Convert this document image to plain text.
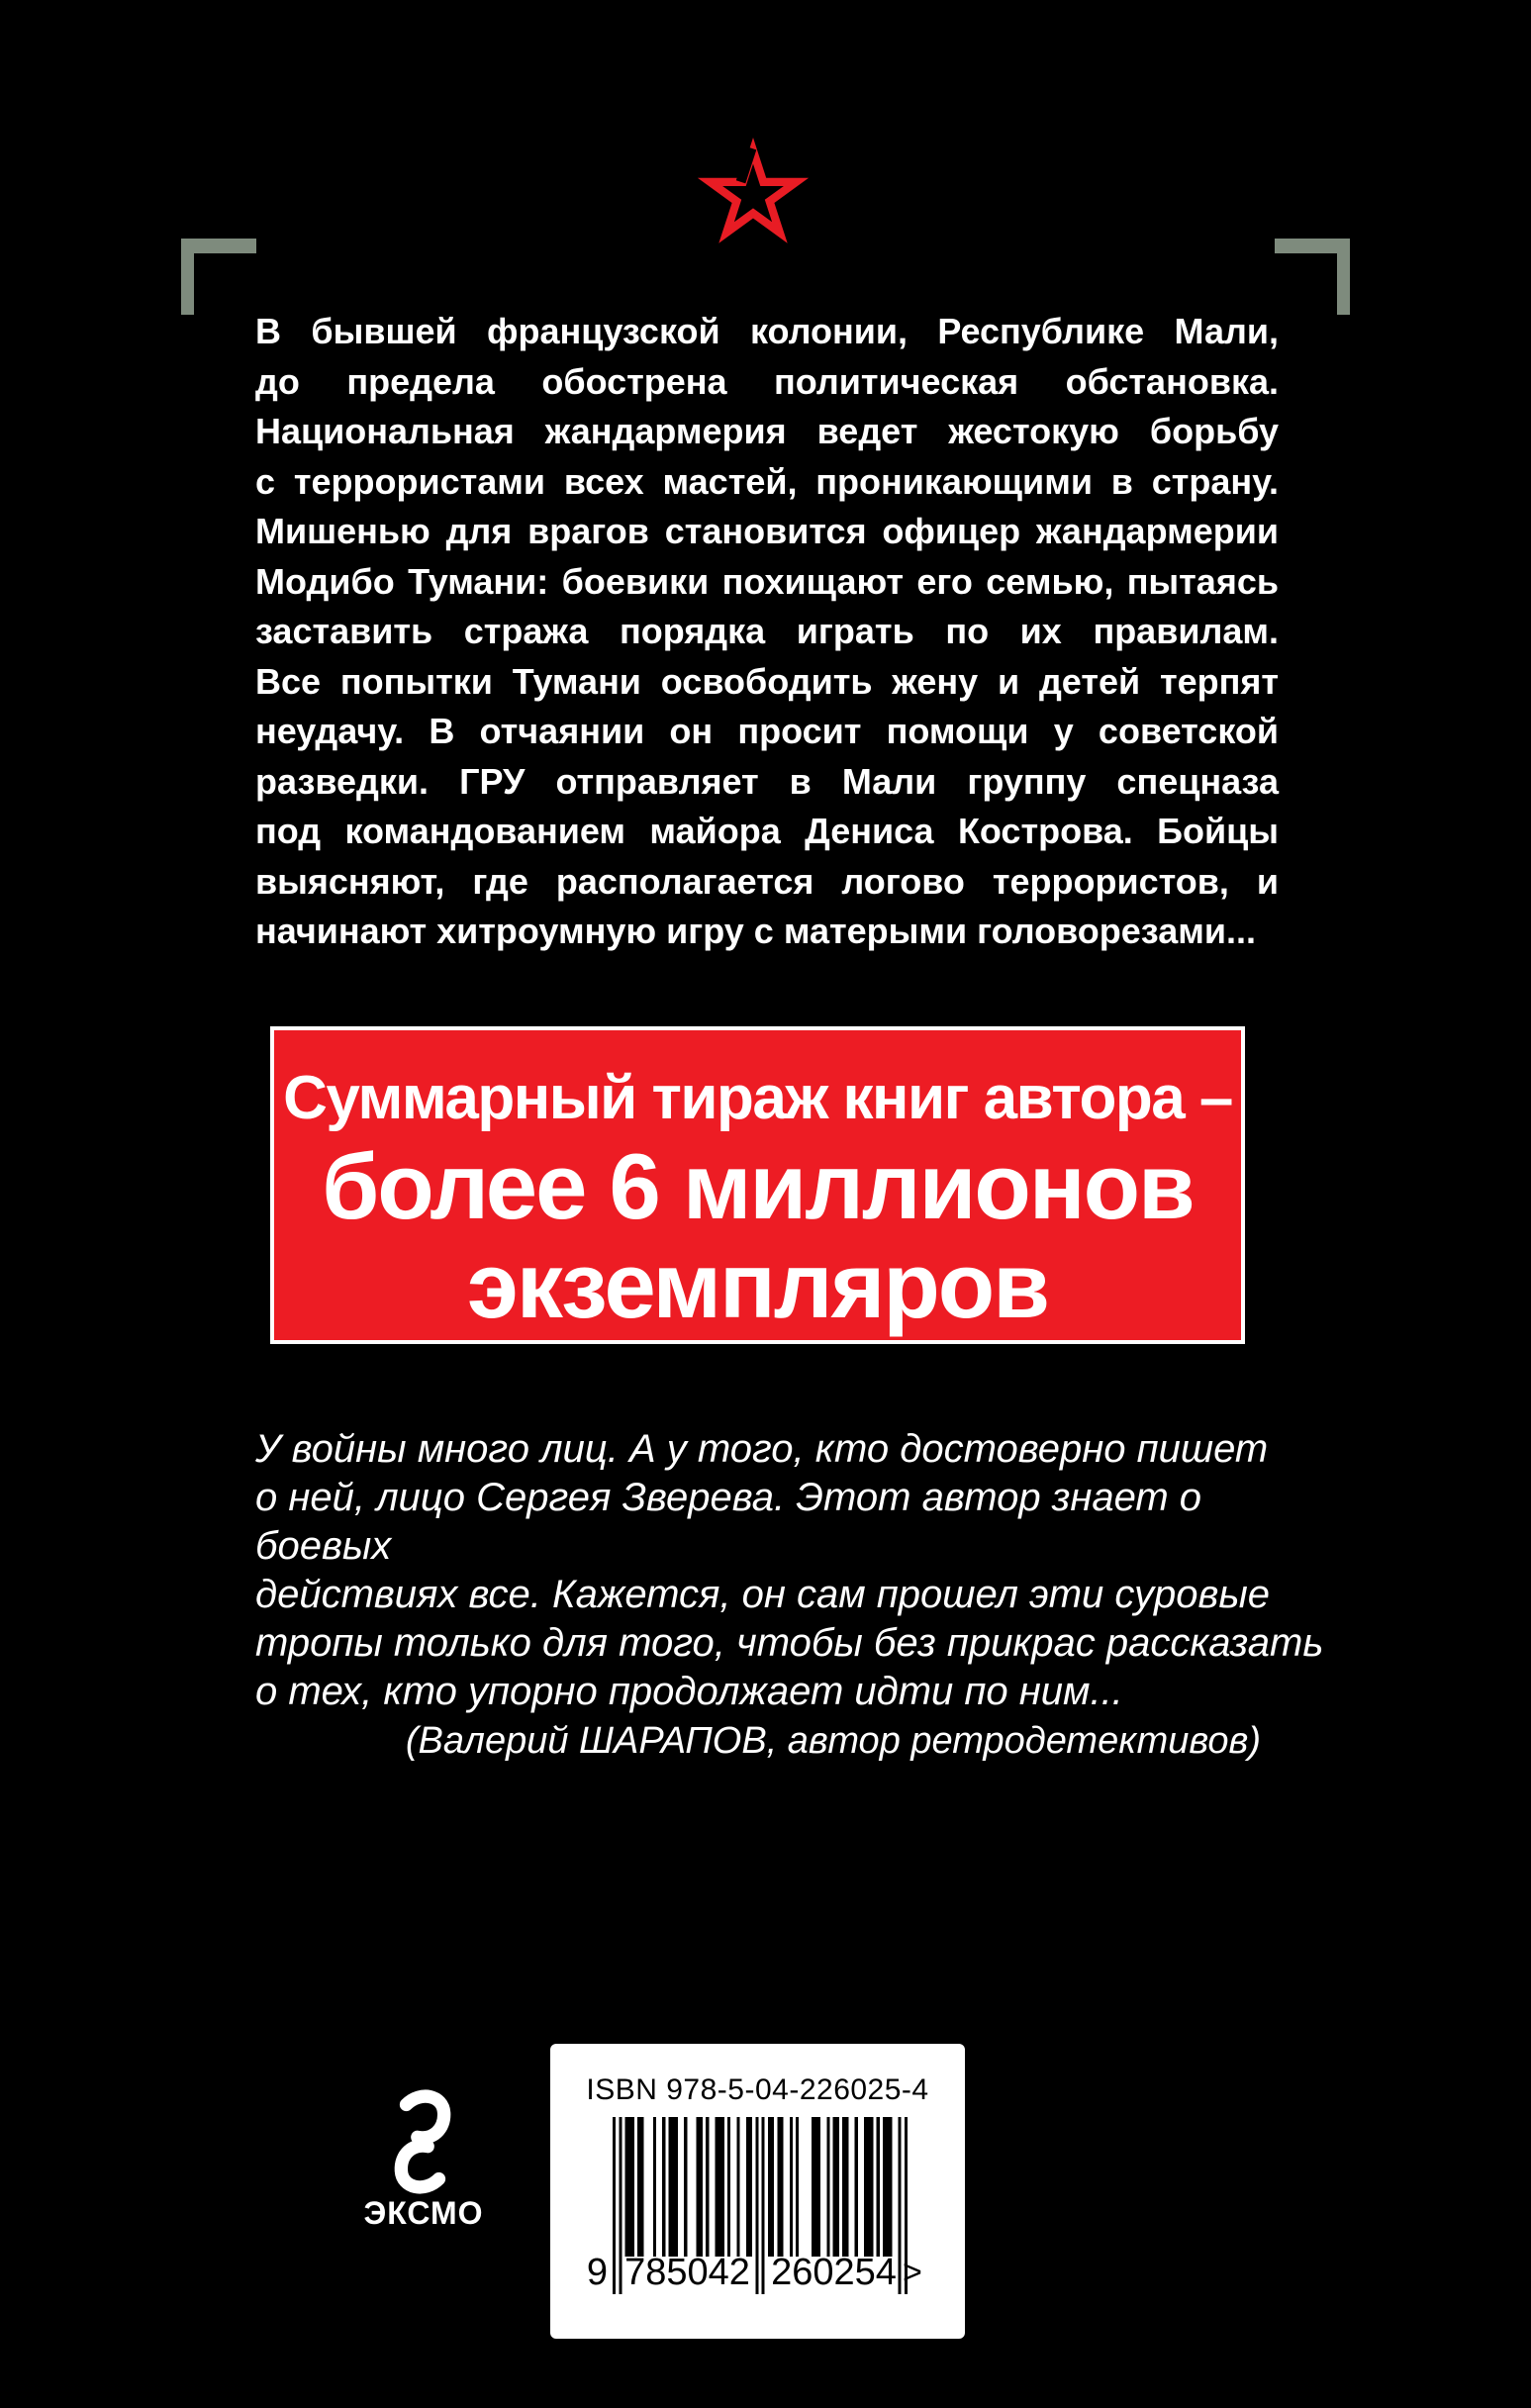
В бывшей французской колонии, Республике Мали,
до предела обострена политическая обстановка.
Национальная жандармерия ведет жестокую борьбу
с террористами всех мастей, проникающими в страну.
Мишенью для врагов становится офицер жандармерии
Модибо Тумани: боевики похищают его семью, пытаясь
заставить стража порядка играть по их правилам.
Все попытки Тумани освободить жену и детей терпят
неудачу. В отчаянии он просит помощи у советской
разведки. ГРУ отправляет в Мали группу спецназа
под командованием майора Дениса Кострова. Бойцы
выясняют, где располагается логово террористов, и
начинают хитроумную игру с матерыми головорезами...
Суммарный тираж книг автора –
более 6 миллионов
экземпляров
У войны много лиц. А у того, кто достоверно пишет
о ней, лицо Сергея Зверева. Этот автор знает о боевых
действиях все. Кажется, он сам прошел эти суровые
тропы только для того, чтобы без прикрас рассказать
о тех, кто упорно продолжает идти по ним...
(Валерий ШАРАПОВ, автор ретродетективов)
ЭКСМО
ISBN 978-5-04-226025-4
9 785042 260254 >
